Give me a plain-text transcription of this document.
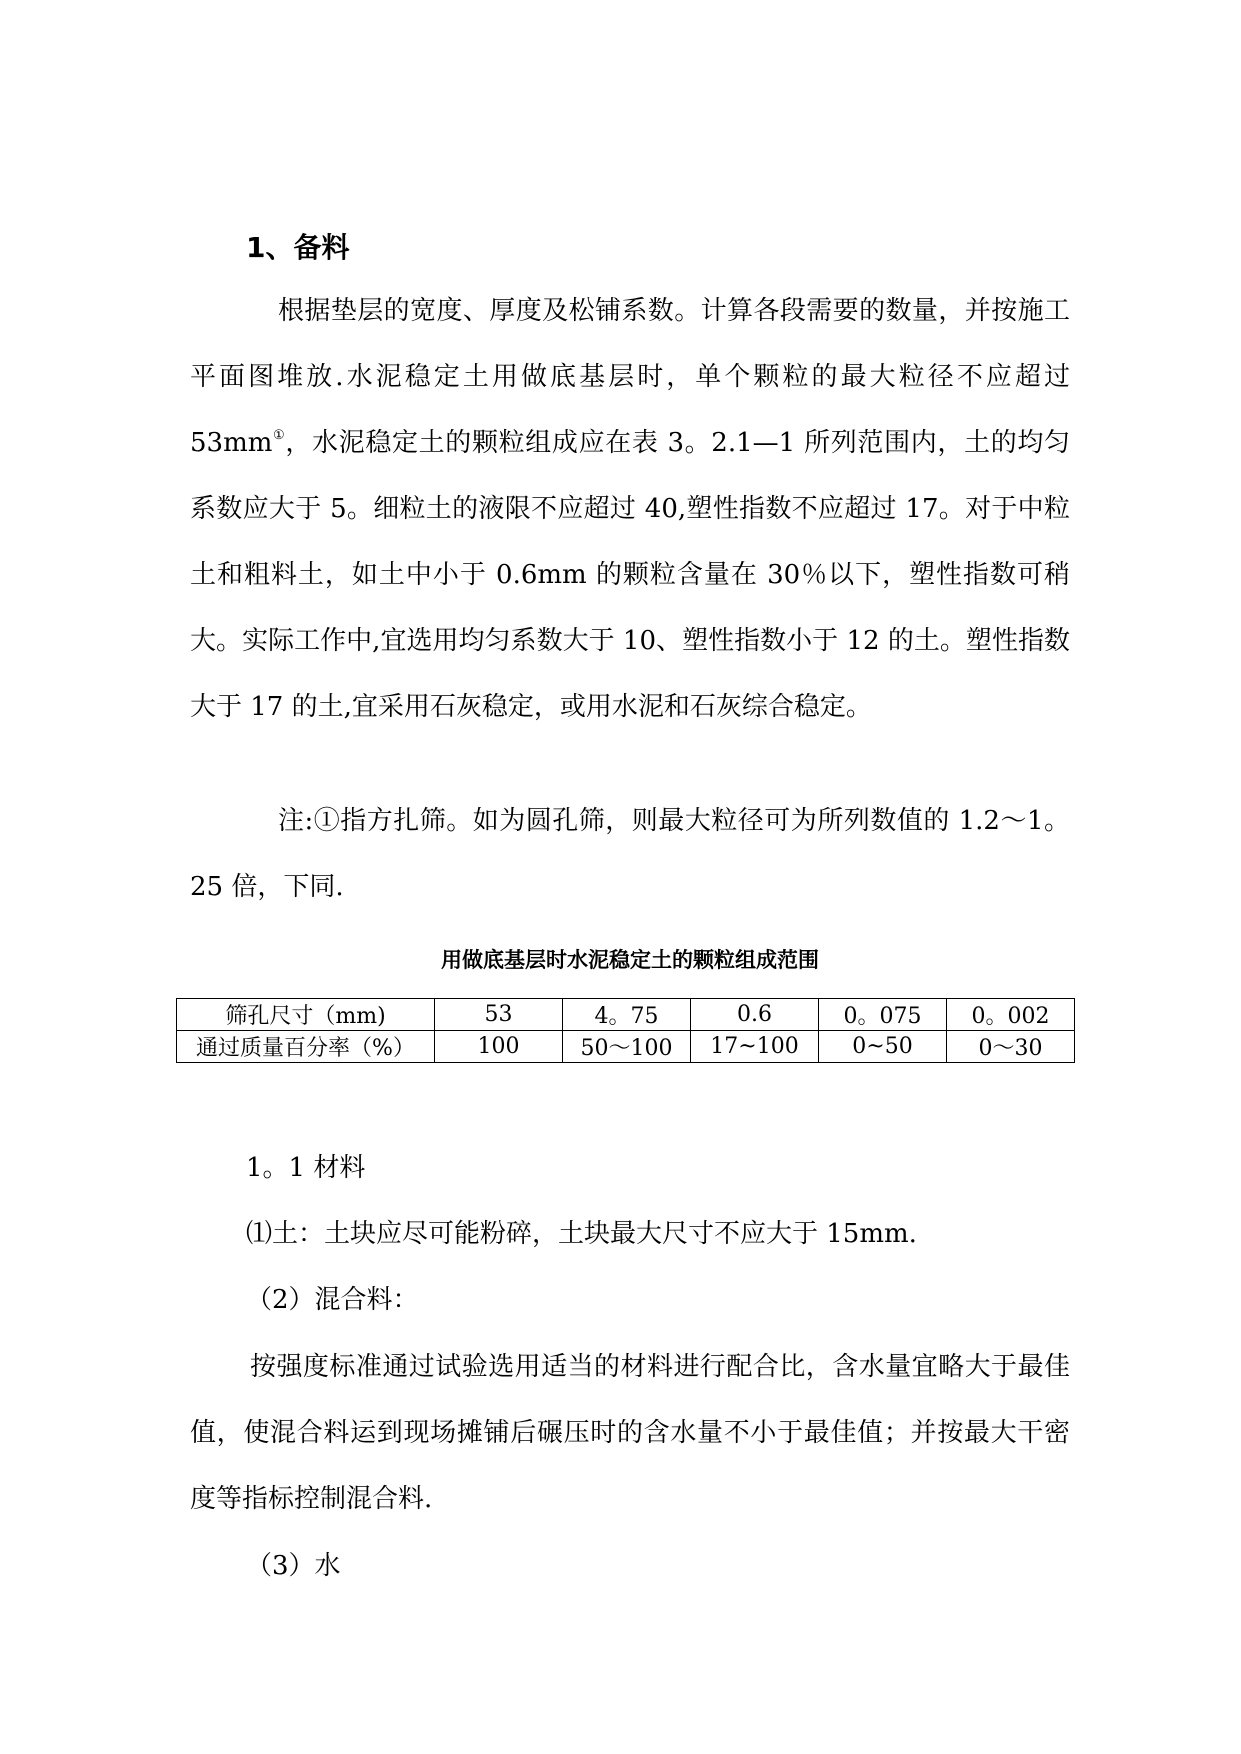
1、备料

根据垫层的宽度、厚度及松铺系数。计算各段需要的数量，并按施工平面图堆放.水泥稳定土用做底基层时，单个颗粒的最大粒径不应超过 53mm①，水泥稳定土的颗粒组成应在表 3。2.1—1 所列范围内，土的均匀系数应大于 5。细粒土的液限不应超过 40,塑性指数不应超过 17。对于中粒土和粗料土，如土中小于 0.6mm 的颗粒含量在 30％以下，塑性指数可稍大。实际工作中,宜选用均匀系数大于 10、塑性指数小于 12 的土。塑性指数大于 17 的土,宜采用石灰稳定，或用水泥和石灰综合稳定。

注:①指方扎筛。如为圆孔筛，则最大粒径可为所列数值的 1.2～1。25 倍，下同.

用做底基层时水泥稳定土的颗粒组成范围

筛孔尺寸（mm)	53	4。75	0.6	0。075	0。002
通过质量百分率（%）	100	50～100	17~100	0~50	0～30

1。1 材料

⑴土：土块应尽可能粉碎，土块最大尺寸不应大于 15mm.

（2）混合料：

按强度标准通过试验选用适当的材料进行配合比，含水量宜略大于最佳值，使混合料运到现场摊铺后碾压时的含水量不小于最佳值；并按最大干密度等指标控制混合料.

（3）水
